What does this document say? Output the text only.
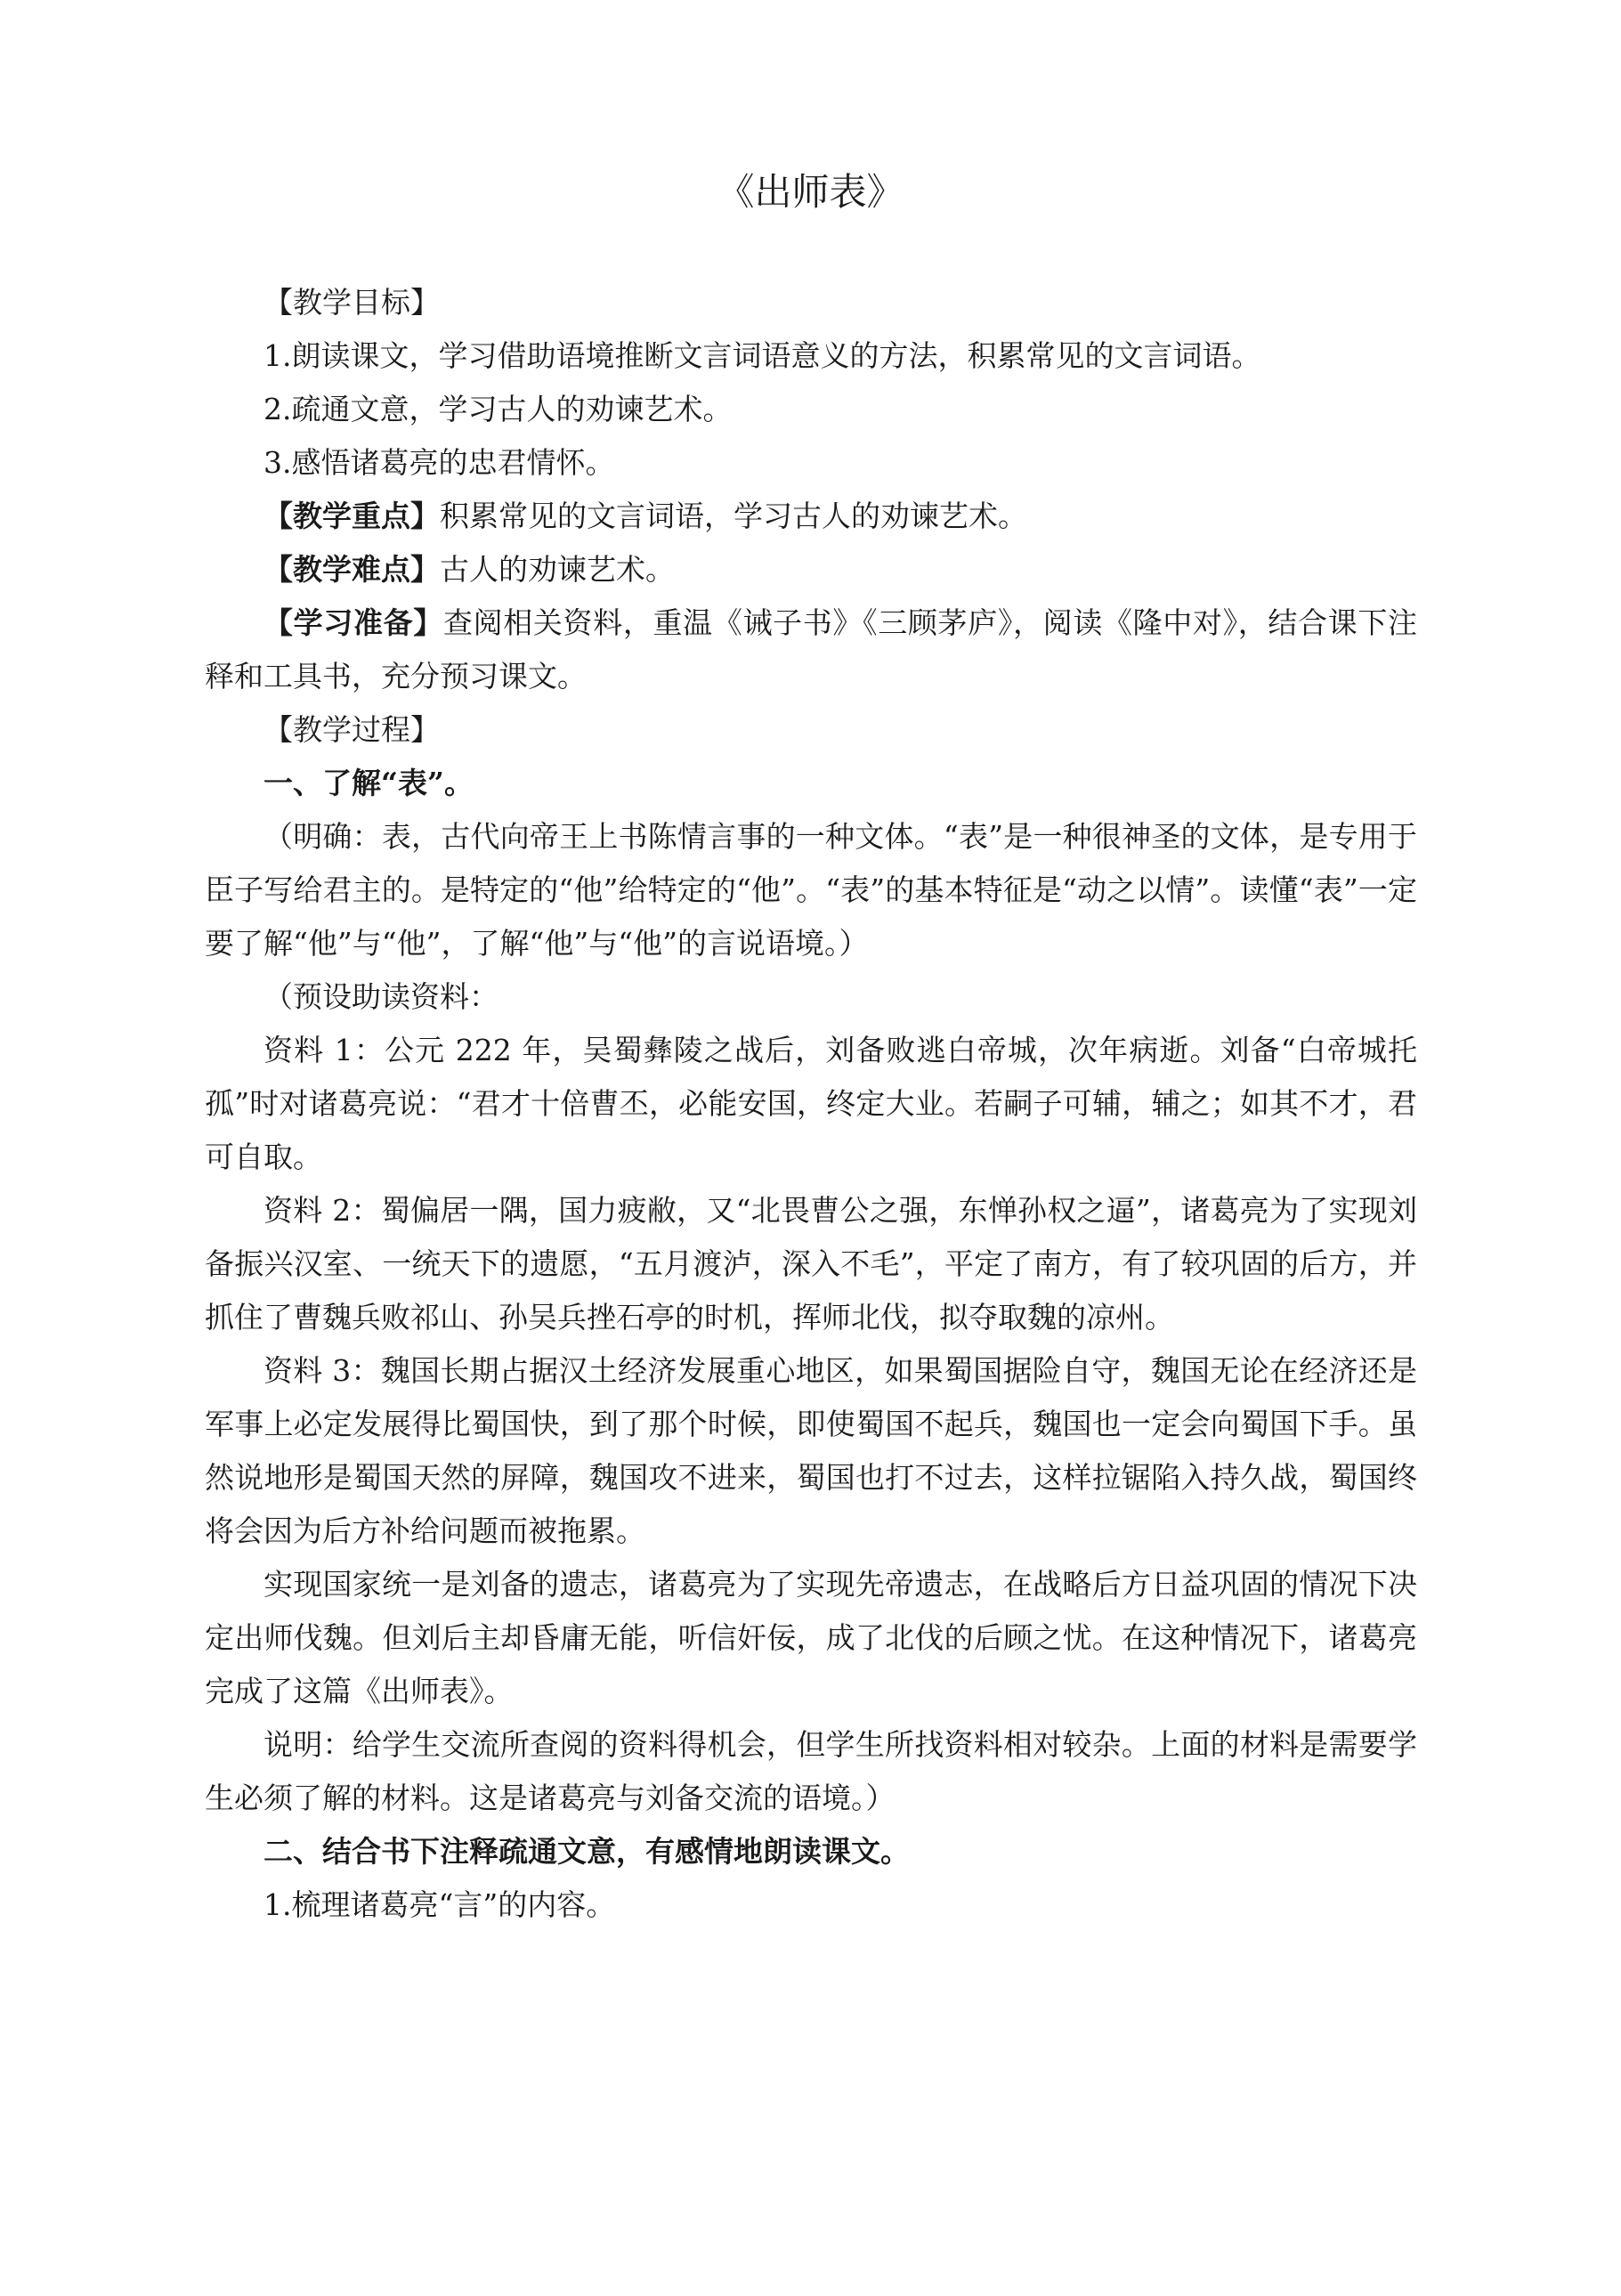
《出师表》

【教学目标】

1.朗读课文，学习借助语境推断文言词语意义的方法，积累常见的文言词语。

2.疏通文意，学习古人的劝谏艺术。

3.感悟诸葛亮的忠君情怀。

【教学重点】积累常见的文言词语，学习古人的劝谏艺术。

【教学难点】古人的劝谏艺术。

【学习准备】查阅相关资料，重温《诫子书》《三顾茅庐》，阅读《隆中对》，结合课下注释和工具书，充分预习课文。

【教学过程】

一、了解“表”。

（明确：表，古代向帝王上书陈情言事的一种文体。“表”是一种很神圣的文体，是专用于臣子写给君主的。是特定的“他”给特定的“他”。“表”的基本特征是“动之以情”。读懂“表”一定要了解“他”与“他”，了解“他”与“他”的言说语境。）

（预设助读资料：

资料 1：公元 222 年，吴蜀彝陵之战后，刘备败逃白帝城，次年病逝。刘备“白帝城托孤”时对诸葛亮说：“君才十倍曹丕，必能安国，终定大业。若嗣子可辅，辅之；如其不才，君可自取。

资料 2：蜀偏居一隅，国力疲敝，又“北畏曹公之强，东惮孙权之逼”，诸葛亮为了实现刘备振兴汉室、一统天下的遗愿，“五月渡泸，深入不毛”，平定了南方，有了较巩固的后方，并抓住了曹魏兵败祁山、孙吴兵挫石亭的时机，挥师北伐，拟夺取魏的凉州。

资料 3：魏国长期占据汉土经济发展重心地区，如果蜀国据险自守，魏国无论在经济还是军事上必定发展得比蜀国快，到了那个时候，即使蜀国不起兵，魏国也一定会向蜀国下手。虽然说地形是蜀国天然的屏障，魏国攻不进来，蜀国也打不过去，这样拉锯陷入持久战，蜀国终将会因为后方补给问题而被拖累。

实现国家统一是刘备的遗志，诸葛亮为了实现先帝遗志，在战略后方日益巩固的情况下决定出师伐魏。但刘后主却昏庸无能，听信奸佞，成了北伐的后顾之忧。在这种情况下，诸葛亮完成了这篇《出师表》。

说明：给学生交流所查阅的资料得机会，但学生所找资料相对较杂。上面的材料是需要学生必须了解的材料。这是诸葛亮与刘备交流的语境。）

二、结合书下注释疏通文意，有感情地朗读课文。

1.梳理诸葛亮“言”的内容。
